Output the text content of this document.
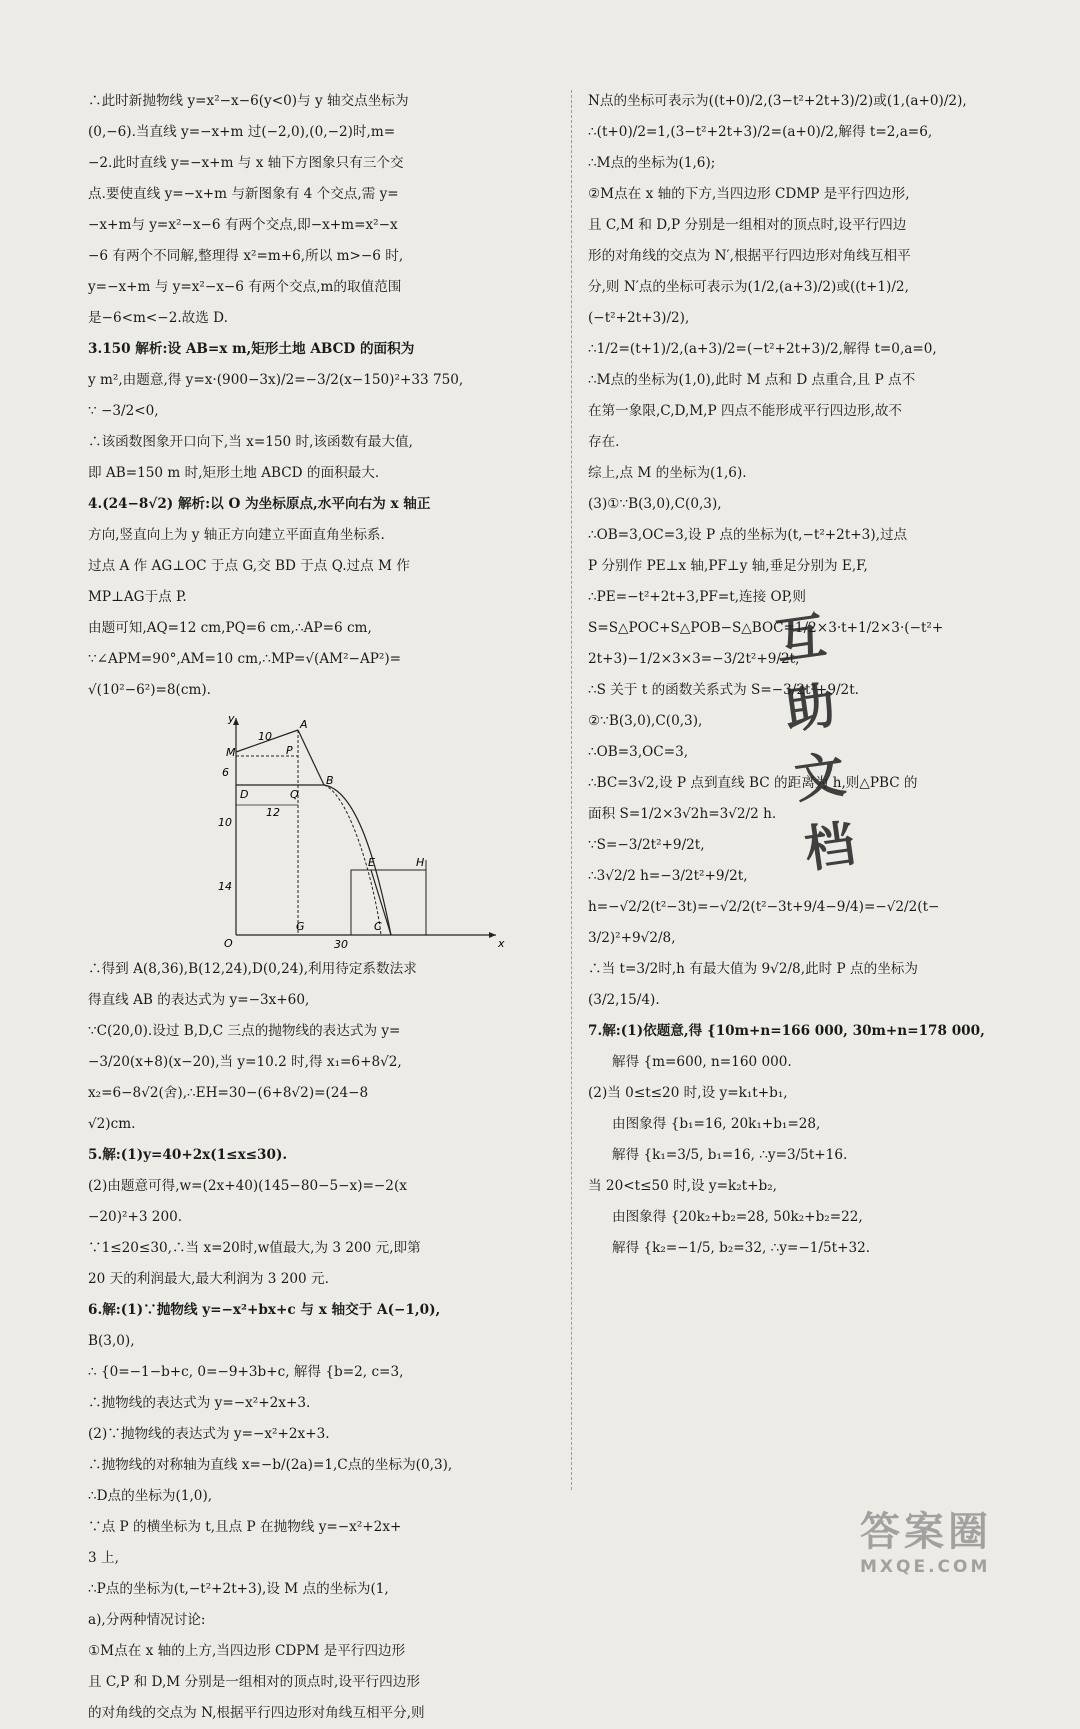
∴此时新抛物线 y=x²−x−6(y<0)与 y 轴交点坐标为
(0,−6).当直线 y=−x+m 过(−2,0),(0,−2)时,m=
−2.此时直线 y=−x+m 与 x 轴下方图象只有三个交
点.要使直线 y=−x+m 与新图象有 4 个交点,需 y=
−x+m与 y=x²−x−6 有两个交点,即−x+m=x²−x
−6 有两个不同解,整理得 x²=m+6,所以 m>−6 时,
y=−x+m 与 y=x²−x−6 有两个交点,m的取值范围
是−6<m<−2.故选 D.
3.150 解析:设 AB=x m,矩形土地 ABCD 的面积为
y m²,由题意,得 y=x·(900−3x)/2=−3/2(x−150)²+33 750,
∵ −3/2<0,
∴该函数图象开口向下,当 x=150 时,该函数有最大值,
即 AB=150 m 时,矩形土地 ABCD 的面积最大.
4.(24−8√2) 解析:以 O 为坐标原点,水平向右为 x 轴正
方向,竖直向上为 y 轴正方向建立平面直角坐标系.
过点 A 作 AG⊥OC 于点 G,交 BD 于点 Q.过点 M 作
MP⊥AG于点 P.
由题可知,AQ=12 cm,PQ=6 cm,∴AP=6 cm,
∵∠APM=90°,AM=10 cm,∴MP=√(AM²−AP²)=
√(10²−6²)=8(cm).
y
x
O
M
A
P
Q
B
D
G	C
E	H
10
12
30
6
10
14
∴得到 A(8,36),B(12,24),D(0,24),利用待定系数法求
得直线 AB 的表达式为 y=−3x+60,
∵C(20,0).设过 B,D,C 三点的抛物线的表达式为 y=
−3/20(x+8)(x−20),当 y=10.2 时,得 x₁=6+8√2,
x₂=6−8√2(舍),∴EH=30−(6+8√2)=(24−8
√2)cm.
5.解:(1)y=40+2x(1≤x≤30).
(2)由题意可得,w=(2x+40)(145−80−5−x)=−2(x
−20)²+3 200.
∵1≤20≤30,∴当 x=20时,w值最大,为 3 200 元,即第
20 天的利润最大,最大利润为 3 200 元.
6.解:(1)∵抛物线 y=−x²+bx+c 与 x 轴交于 A(−1,0),
B(3,0),
∴ {0=−1−b+c, 0=−9+3b+c, 解得 {b=2, c=3,
∴抛物线的表达式为 y=−x²+2x+3.
(2)∵抛物线的表达式为 y=−x²+2x+3.
∴抛物线的对称轴为直线 x=−b/(2a)=1,C点的坐标为(0,3),
∴D点的坐标为(1,0),
∵点 P 的横坐标为 t,且点 P 在抛物线 y=−x²+2x+
3 上,
∴P点的坐标为(t,−t²+2t+3),设 M 点的坐标为(1,
a),分两种情况讨论:
①M点在 x 轴的上方,当四边形 CDPM 是平行四边形
且 C,P 和 D,M 分别是一组相对的顶点时,设平行四边形
的对角线的交点为 N,根据平行四边形对角线互相平分,则
N点的坐标可表示为((t+0)/2,(3−t²+2t+3)/2)或(1,(a+0)/2),
∴(t+0)/2=1,(3−t²+2t+3)/2=(a+0)/2,解得 t=2,a=6,
∴M点的坐标为(1,6);
②M点在 x 轴的下方,当四边形 CDMP 是平行四边形,
且 C,M 和 D,P 分别是一组相对的顶点时,设平行四边
形的对角线的交点为 N′,根据平行四边形对角线互相平
分,则 N′点的坐标可表示为(1/2,(a+3)/2)或((t+1)/2,
(−t²+2t+3)/2),
∴1/2=(t+1)/2,(a+3)/2=(−t²+2t+3)/2,解得 t=0,a=0,
∴M点的坐标为(1,0),此时 M 点和 D 点重合,且 P 点不
在第一象限,C,D,M,P 四点不能形成平行四边形,故不
存在.
综上,点 M 的坐标为(1,6).
(3)①∵B(3,0),C(0,3),
∴OB=3,OC=3,设 P 点的坐标为(t,−t²+2t+3),过点
P 分别作 PE⊥x 轴,PF⊥y 轴,垂足分别为 E,F,
∴PE=−t²+2t+3,PF=t,连接 OP,则
S=S△POC+S△POB−S△BOC=1/2×3·t+1/2×3·(−t²+
2t+3)−1/2×3×3=−3/2t²+9/2t,
∴S 关于 t 的函数关系式为 S=−3/2t²+9/2t.
②∵B(3,0),C(0,3),
∴OB=3,OC=3,
∴BC=3√2,设 P 点到直线 BC 的距离为 h,则△PBC 的
面积 S=1/2×3√2h=3√2/2 h.
∵S=−3/2t²+9/2t,
∴3√2/2 h=−3/2t²+9/2t,
h=−√2/2(t²−3t)=−√2/2(t²−3t+9/4−9/4)=−√2/2(t−
3/2)²+9√2/8,
∴当 t=3/2时,h 有最大值为 9√2/8,此时 P 点的坐标为
(3/2,15/4).
7.解:(1)依题意,得 {10m+n=166 000, 30m+n=178 000,
解得 {m=600, n=160 000.
(2)当 0≤t≤20 时,设 y=k₁t+b₁,
由图象得 {b₁=16, 20k₁+b₁=28,
解得 {k₁=3/5, b₁=16, ∴y=3/5t+16.
当 20<t≤50 时,设 y=k₂t+b₂,
由图象得 {20k₂+b₂=28, 50k₂+b₂=22,
解得 {k₂=−1/5, b₂=32, ∴y=−1/5t+32.
互助文档
答案圈
MXQE.COM
